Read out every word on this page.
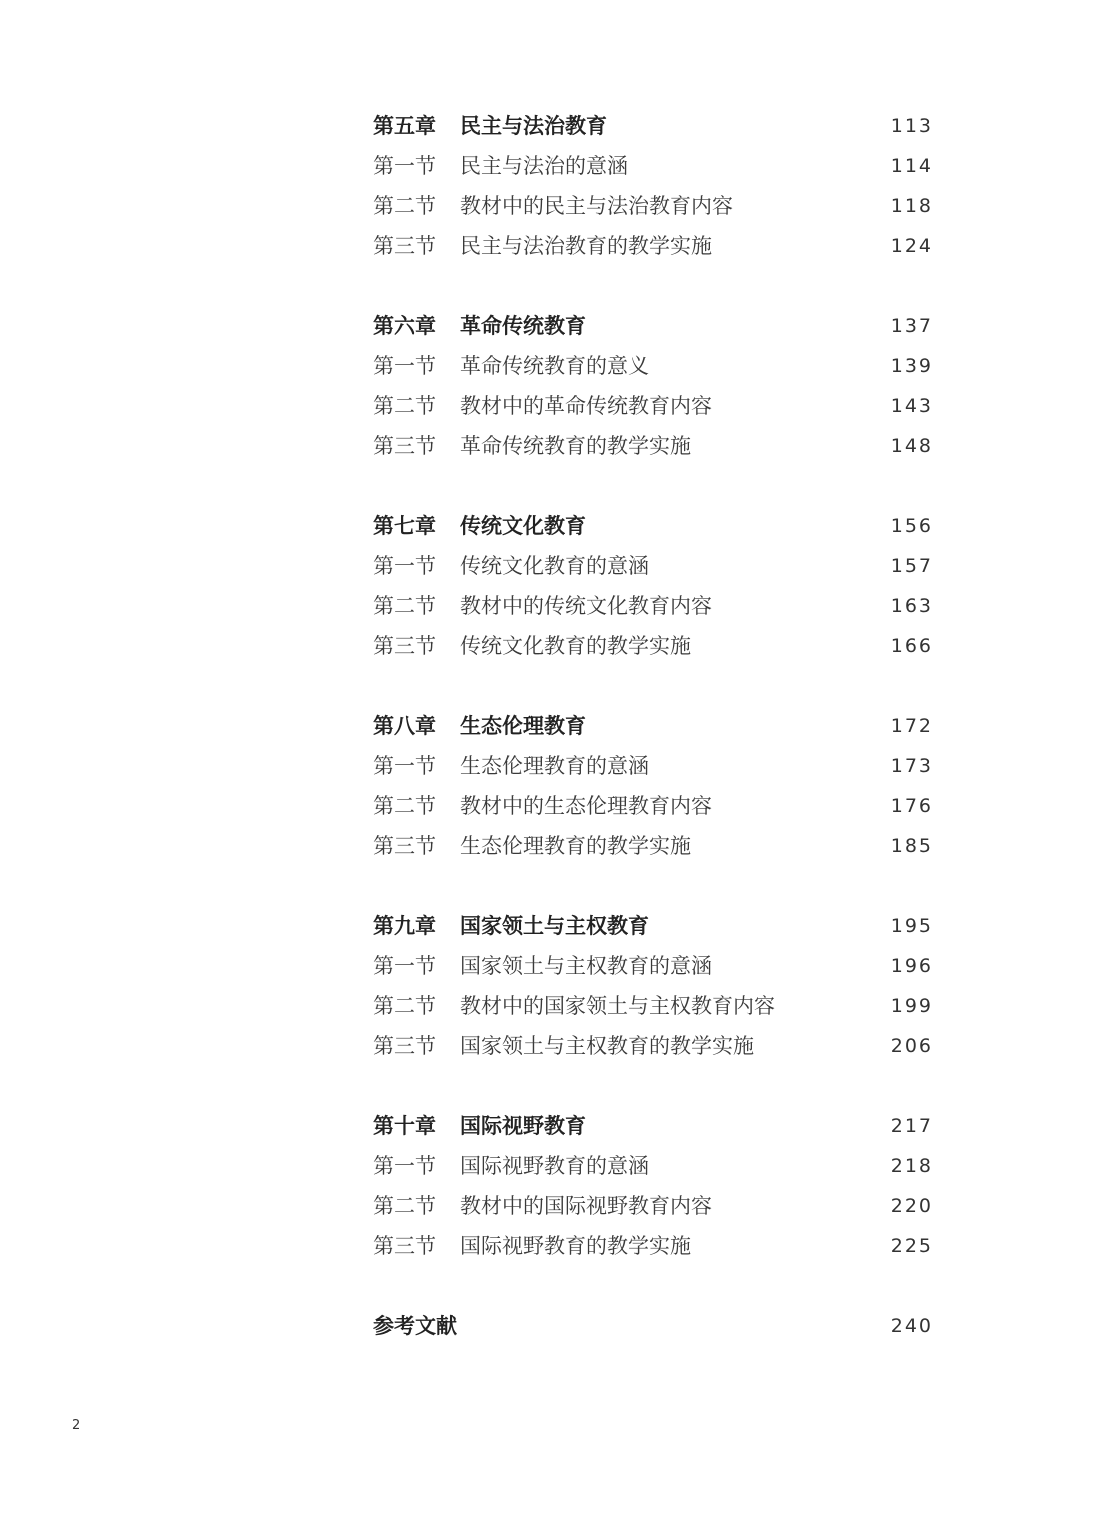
第五章 民主与法治教育	113
第一节 民主与法治的意涵	114
第二节 教材中的民主与法治教育内容	118
第三节 民主与法治教育的教学实施	124
第六章 革命传统教育	137
第一节 革命传统教育的意义	139
第二节 教材中的革命传统教育内容	143
第三节 革命传统教育的教学实施	148
第七章 传统文化教育	156
第一节 传统文化教育的意涵	157
第二节 教材中的传统文化教育内容	163
第三节 传统文化教育的教学实施	166
第八章 生态伦理教育	172
第一节 生态伦理教育的意涵	173
第二节 教材中的生态伦理教育内容	176
第三节 生态伦理教育的教学实施	185
第九章 国家领土与主权教育	195
第一节 国家领土与主权教育的意涵	196
第二节 教材中的国家领土与主权教育内容	199
第三节 国家领土与主权教育的教学实施	206
第十章 国际视野教育	217
第一节 国际视野教育的意涵	218
第二节 教材中的国际视野教育内容	220
第三节 国际视野教育的教学实施	225
参考文献	240
2
